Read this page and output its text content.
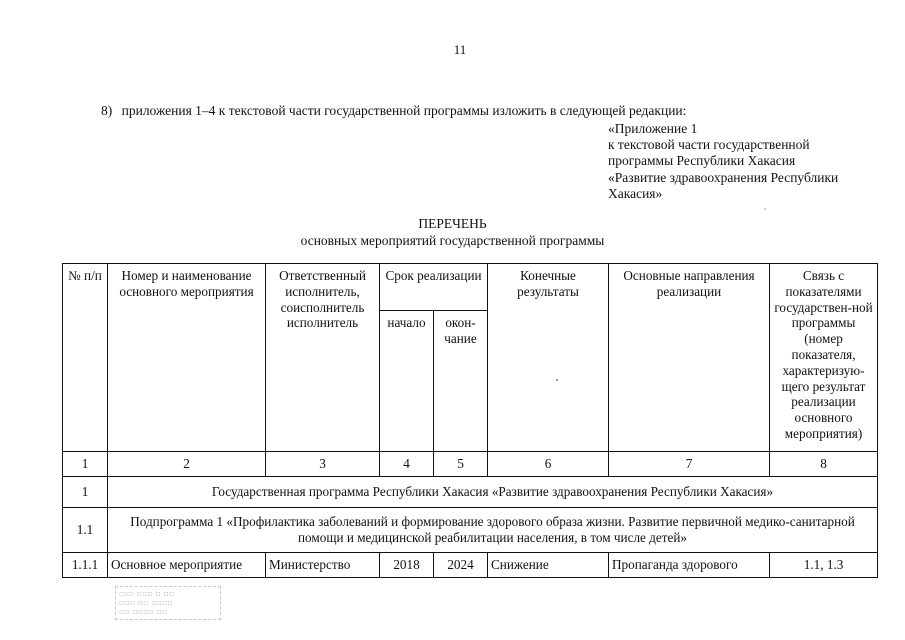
11
8) приложения 1–4 к текстовой части государственной программы изложить в следующей редакции:
«Приложение 1
к текстовой части государственной
программы Республики Хакасия
«Развитие здравоохранения Республики
Хакасия»
ПЕРЕЧЕНЬ
основных мероприятий государственной программы
№ п/п	Номер и наименование основного мероприятия	Ответственный исполнитель, соисполнитель исполнитель	Срок реализации		Конечные результаты	Основные направления реализации	Связь с показателями государствен-ной программы (номер показателя, характеризую-щего результат реализации основного мероприятия)
			начало	окон-чание			
1	2	3	4	5	6	7	8
1	Государственная программа Республики Хакасия «Развитие здравоохранения Республики Хакасия»						
1.1	Подпрограмма 1 «Профилактика заболеваний и формирование здорового образа жизни. Развитие первичной медико-санитарной помощи и медицинской реабилитации населения, в том числе детей»						
1.1.1	Основное мероприятие	Министерство	2018	2024	Снижение	Пропаганда здорового	1.1, 1.3
▭▭ ▫▫▫ ▫ ▫▫
▫▫▫ ▫▫ ▫▫▫▫
▫▫ ▫▫▫▫ ▫▫
